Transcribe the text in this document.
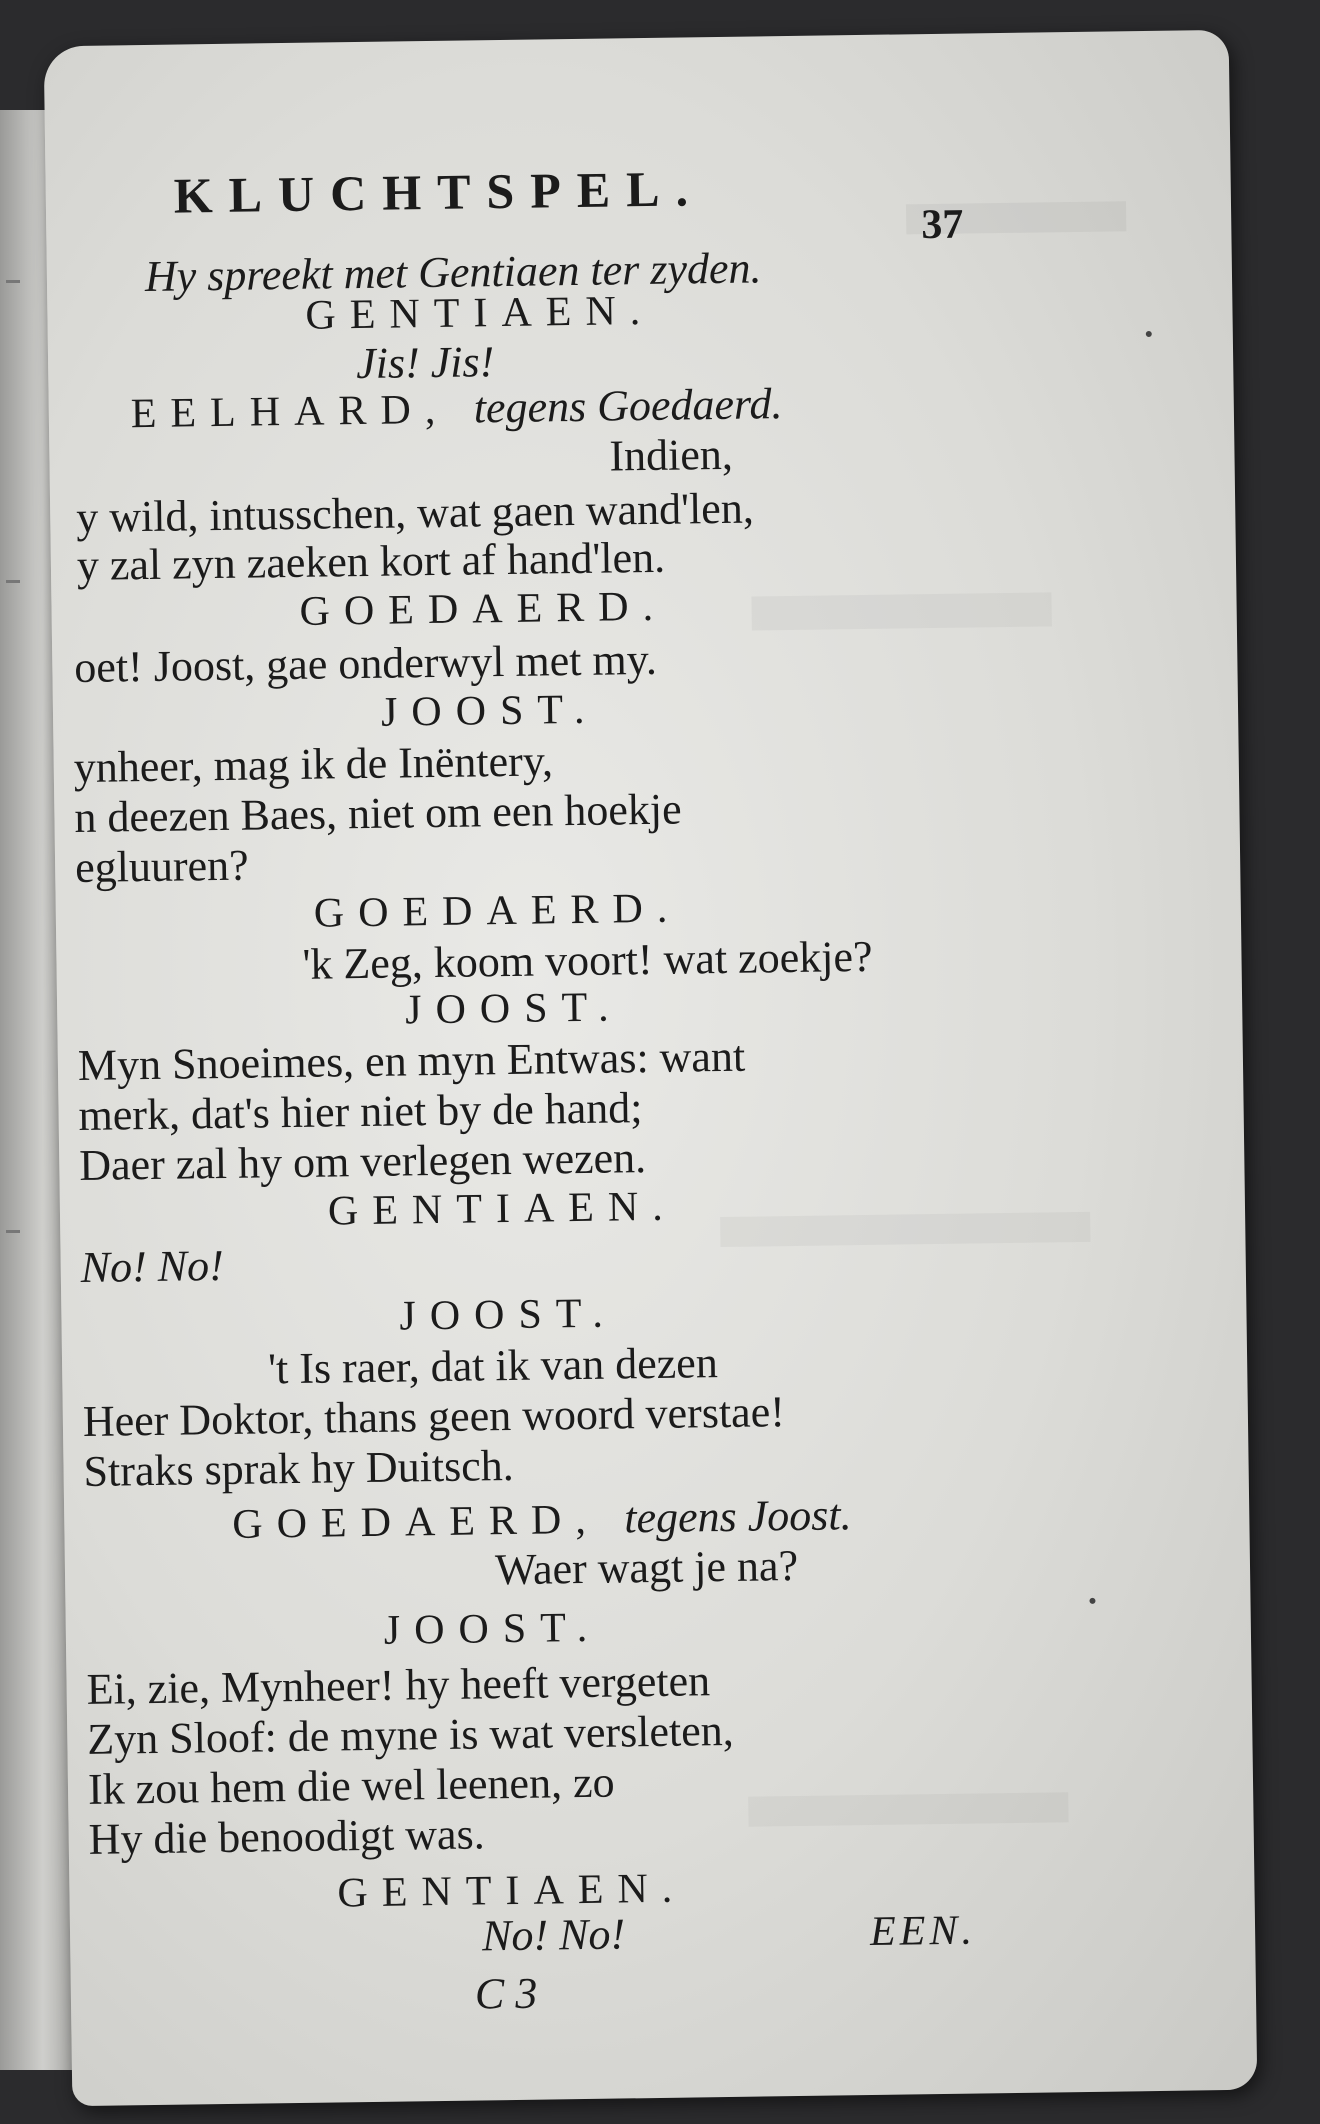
KLUCHTSPEL.
37
Hy spreekt met Gentiaen ter zyden.
GENTIAEN.
Jis! Jis!
EELHARD, tegens Goedaerd.
Indien,
y wild, intusschen, wat gaen wand'len,
y zal zyn zaeken kort af hand'len.
GOEDAERD.
oet! Joost, gae onderwyl met my.
JOOST.
ynheer, mag ik de Inëntery,
n deezen Baes, niet om een hoekje
egluuren?
GOEDAERD.
'k Zeg, koom voort! wat zoekje?
JOOST.
Myn Snoeimes, en myn Entwas: want
merk, dat's hier niet by de hand;
Daer zal hy om verlegen wezen.
GENTIAEN.
No! No!
JOOST.
't Is raer, dat ik van dezen
Heer Doktor, thans geen woord verstae!
Straks sprak hy Duitsch.
GOEDAERD, tegens Joost.
Waer wagt je na?
JOOST.
Ei, zie, Mynheer! hy heeft vergeten
Zyn Sloof: de myne is wat versleten,
Ik zou hem die wel leenen, zo
Hy die benoodigt was.
GENTIAEN.
No! No!	EEN.
C 3
